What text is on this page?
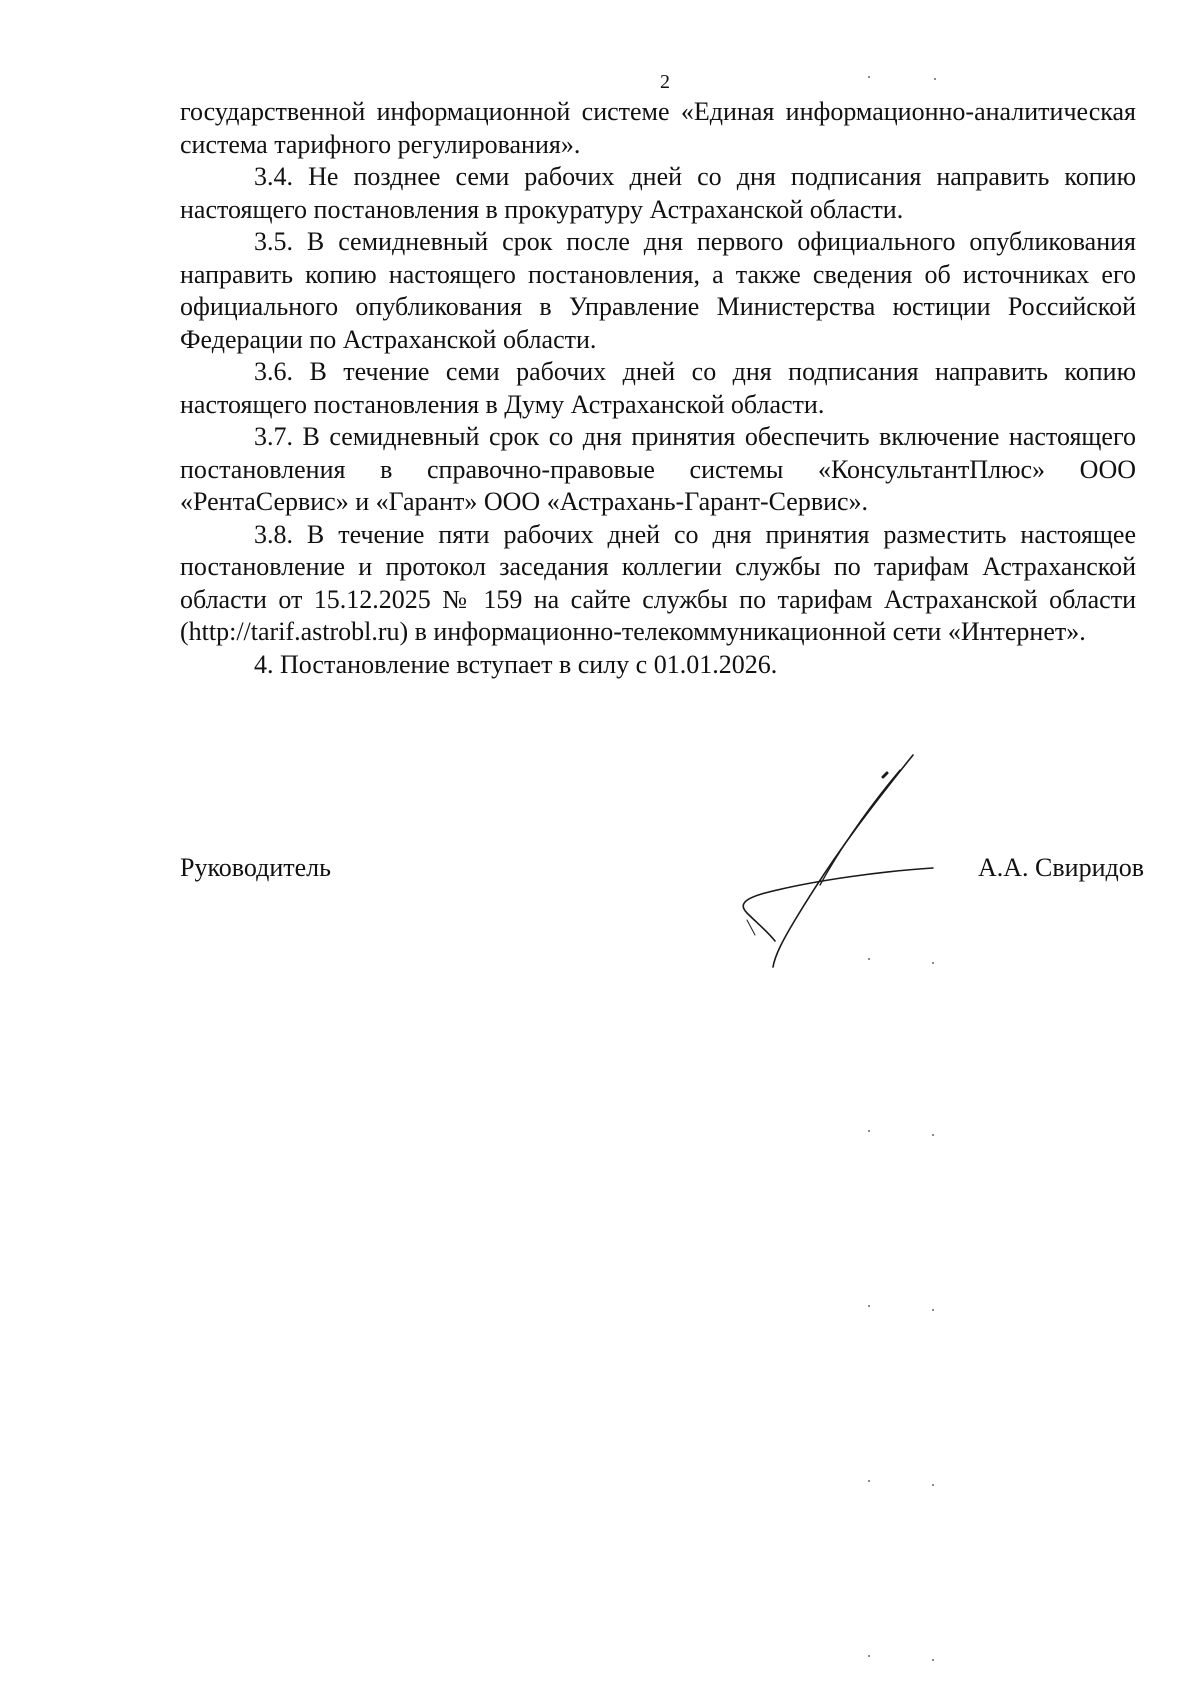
2

государственной информационной системе «Единая информационно-аналитическая система тарифного регулирования».

3.4. Не позднее семи рабочих дней со дня подписания направить копию настоящего постановления в прокуратуру Астраханской области.

3.5. В семидневный срок после дня первого официального опубликования направить копию настоящего постановления, а также сведения об источниках его официального опубликования в Управление Министерства юстиции Российской Федерации по Астраханской области.

3.6. В течение семи рабочих дней со дня подписания направить копию настоящего постановления в Думу Астраханской области.

3.7. В семидневный срок со дня принятия обеспечить включение настоящего постановления в справочно-правовые системы «КонсультантПлюс» ООО «РентаСервис» и «Гарант» ООО «Астрахань-Гарант-Сервис».

3.8. В течение пяти рабочих дней со дня принятия разместить настоящее постановление и протокол заседания коллегии службы по тарифам Астраханской области от 15.12.2025 № 159 на сайте службы по тарифам Астраханской области (http://tarif.astrobl.ru) в информационно-телекоммуникационной сети «Интернет».

4. Постановление вступает в силу с 01.01.2026.

Руководитель	А.А. Свиридов
